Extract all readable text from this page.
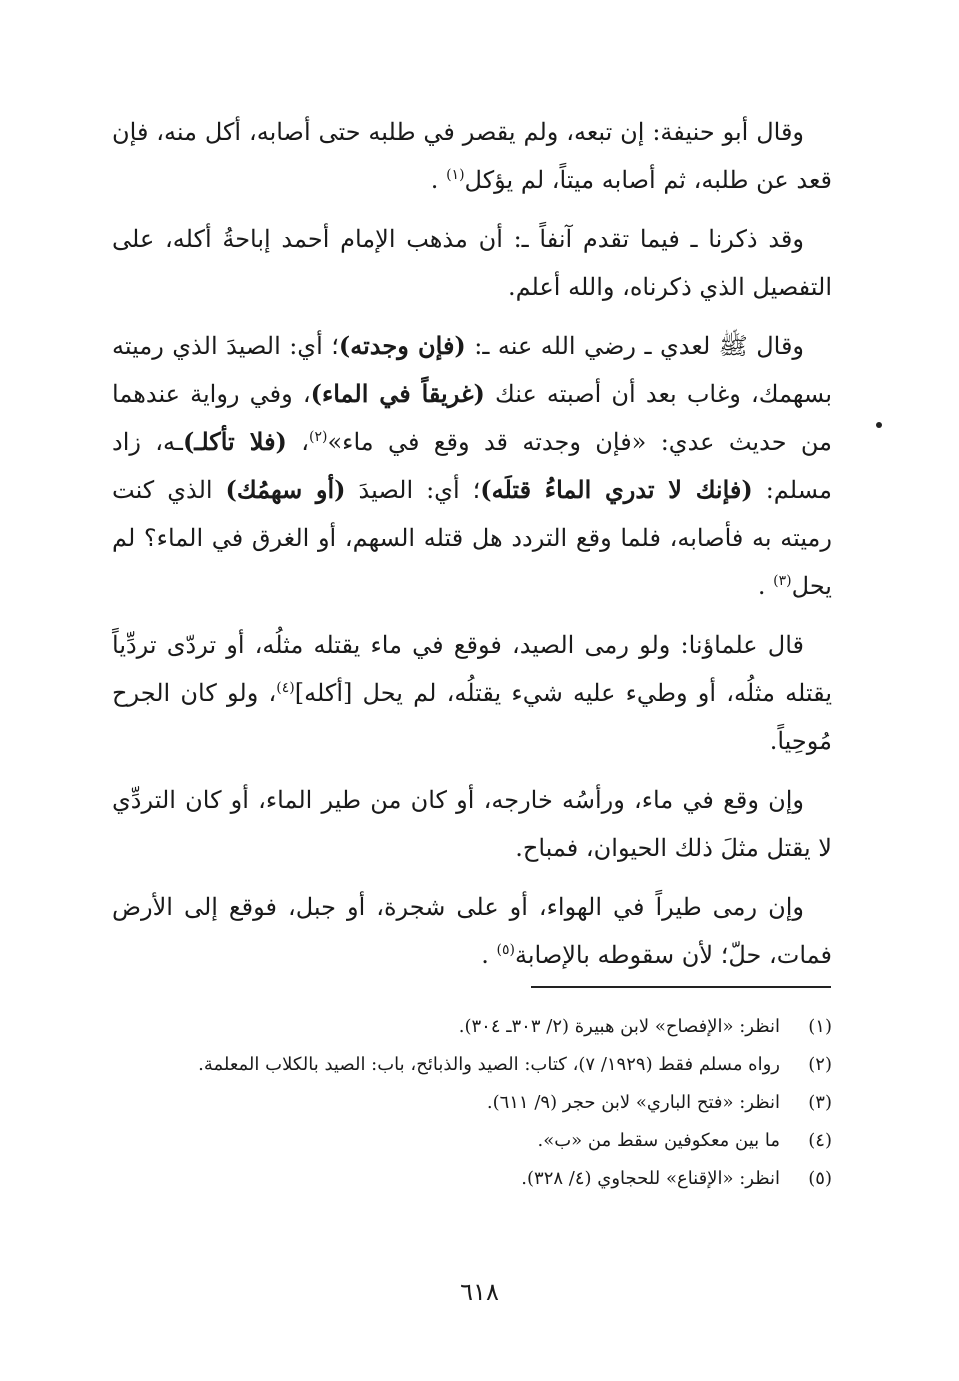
وقال أبو حنيفة: إن تبعه، ولم يقصر في طلبه حتى أصابه، أكل منه، فإن قعد عن طلبه، ثم أصابه ميتاً، لم يؤكل$^{(١)}$ .

وقد ذكرنا ـ فيما تقدم آنفاً ـ: أن مذهب الإمام أحمد إباحةُ أكله، على التفصيل الذي ذكرناه، والله أعلم.

وقال ﷺ لعدي ـ رضي الله عنه ـ: (فإن وجدته)؛ أي: الصيدَ الذي رميته بسهمك، وغاب بعد أن أصبته عنك (غريقاً في الماء)، وفي رواية عندهما من حديث عدي: «فإن وجدته قد وقع في ماء»$^{(٢)}$، (فلا تأكلـ)ـه، زاد مسلم: (فإنك لا تدري الماءُ قتلَه)؛ أي: الصيدَ (أو سهمُك) الذي كنت رميته به فأصابه، فلما وقع التردد هل قتله السهم، أو الغرق في الماء؟ لم يحل$^{(٣)}$ .

قال علماؤنا: ولو رمى الصيد، فوقع في ماء يقتله مثلُه، أو تردّى تردِّياً يقتله مثلُه، أو وطيء عليه شيء يقتلُه، لم يحل [أكله]$^{(٤)}$، ولو كان الجرح مُوحِياً.

وإن وقع في ماء، ورأسُه خارجه، أو كان من طير الماء، أو كان التردِّي لا يقتل مثلَ ذلك الحيوان، فمباح.

وإن رمى طيراً في الهواء، أو على شجرة، أو جبل، فوقع إلى الأرض فمات، حلّ؛ لأن سقوطه بالإصابة$^{(٥)}$ .

(١)
انظر: «الإفصاح» لابن هبيرة (٢/ ٣٠٣ـ ٣٠٤).
(٢)
رواه مسلم فقط (١٩٢٩/ ٧)، كتاب: الصيد والذبائح، باب: الصيد بالكلاب المعلمة.
(٣)
انظر: «فتح الباري» لابن حجر (٩/ ٦١١).
(٤)
ما بين معكوفين سقط من «ب».
(٥)
انظر: «الإقناع» للحجاوي (٤/ ٣٢٨).
٦١٨
